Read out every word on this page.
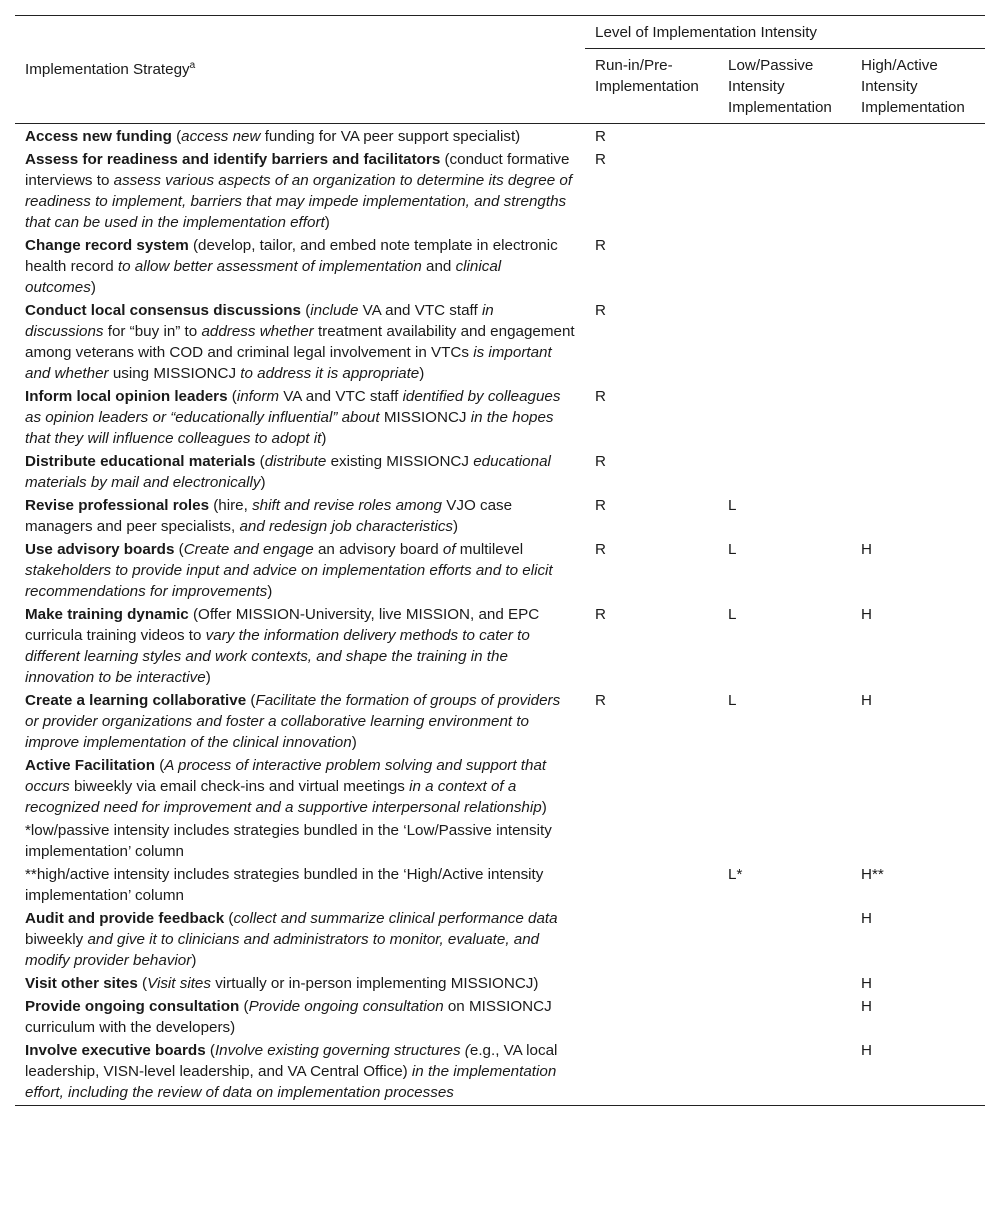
Implementation Strategy$^a$	Level of Implementation Intensity		
	Run-in/Pre-Implementation	Low/Passive Intensity Implementation	High/Active Intensity Implementation
Access new funding (access new funding for VA peer support specialist)	R		
Assess for readiness and identify barriers and facilitators (conduct formative interviews to assess various aspects of an organization to determine its degree of readiness to implement, barriers that may impede implementation, and strengths that can be used in the implementation effort)	R		
Change record system (develop, tailor, and embed note template in electronic health record to allow better assessment of implementation and clinical outcomes)	R		
Conduct local consensus discussions (include VA and VTC staff in discussions for “buy in” to address whether treatment availability and engagement among veterans with COD and criminal legal involvement in VTCs is important and whether using MISSIONCJ to address it is appropriate)	R		
Inform local opinion leaders (inform VA and VTC staff identified by colleagues as opinion leaders or “educationally influential” about MISSIONCJ in the hopes that they will influence colleagues to adopt it)	R		
Distribute educational materials (distribute existing MISSIONCJ educational materials by mail and electronically)	R		
Revise professional roles (hire, shift and revise roles among VJO case managers and peer specialists, and redesign job characteristics)	R	L	
Use advisory boards (Create and engage an advisory board of multilevel stakeholders to provide input and advice on implementation efforts and to elicit recommendations for improvements)	R	L	H
Make training dynamic (Offer MISSION-University, live MISSION, and EPC curricula training videos to vary the information delivery methods to cater to different learning styles and work contexts, and shape the training in the innovation to be interactive)	R	L	H
Create a learning collaborative (Facilitate the formation of groups of providers or provider organizations and foster a collaborative learning environment to improve implementation of the clinical innovation)	R	L	H
Active Facilitation (A process of interactive problem solving and support that occurs biweekly via email check-ins and virtual meetings in a context of a recognized need for improvement and a supportive interpersonal relationship)			
*low/passive intensity includes strategies bundled in the ‘Low/Passive intensity implementation’ column			
**high/active intensity includes strategies bundled in the ‘High/Active intensity implementation’ column		L*	H**
Audit and provide feedback (collect and summarize clinical performance data biweekly and give it to clinicians and administrators to monitor, evaluate, and modify provider behavior)			H
Visit other sites (Visit sites virtually or in-person implementing MISSIONCJ)			H
Provide ongoing consultation (Provide ongoing consultation on MISSIONCJ curriculum with the developers)			H
Involve executive boards (Involve existing governing structures (e.g., VA local leadership, VISN-level leadership, and VA Central Office) in the implementation effort, including the review of data on implementation processes			H
